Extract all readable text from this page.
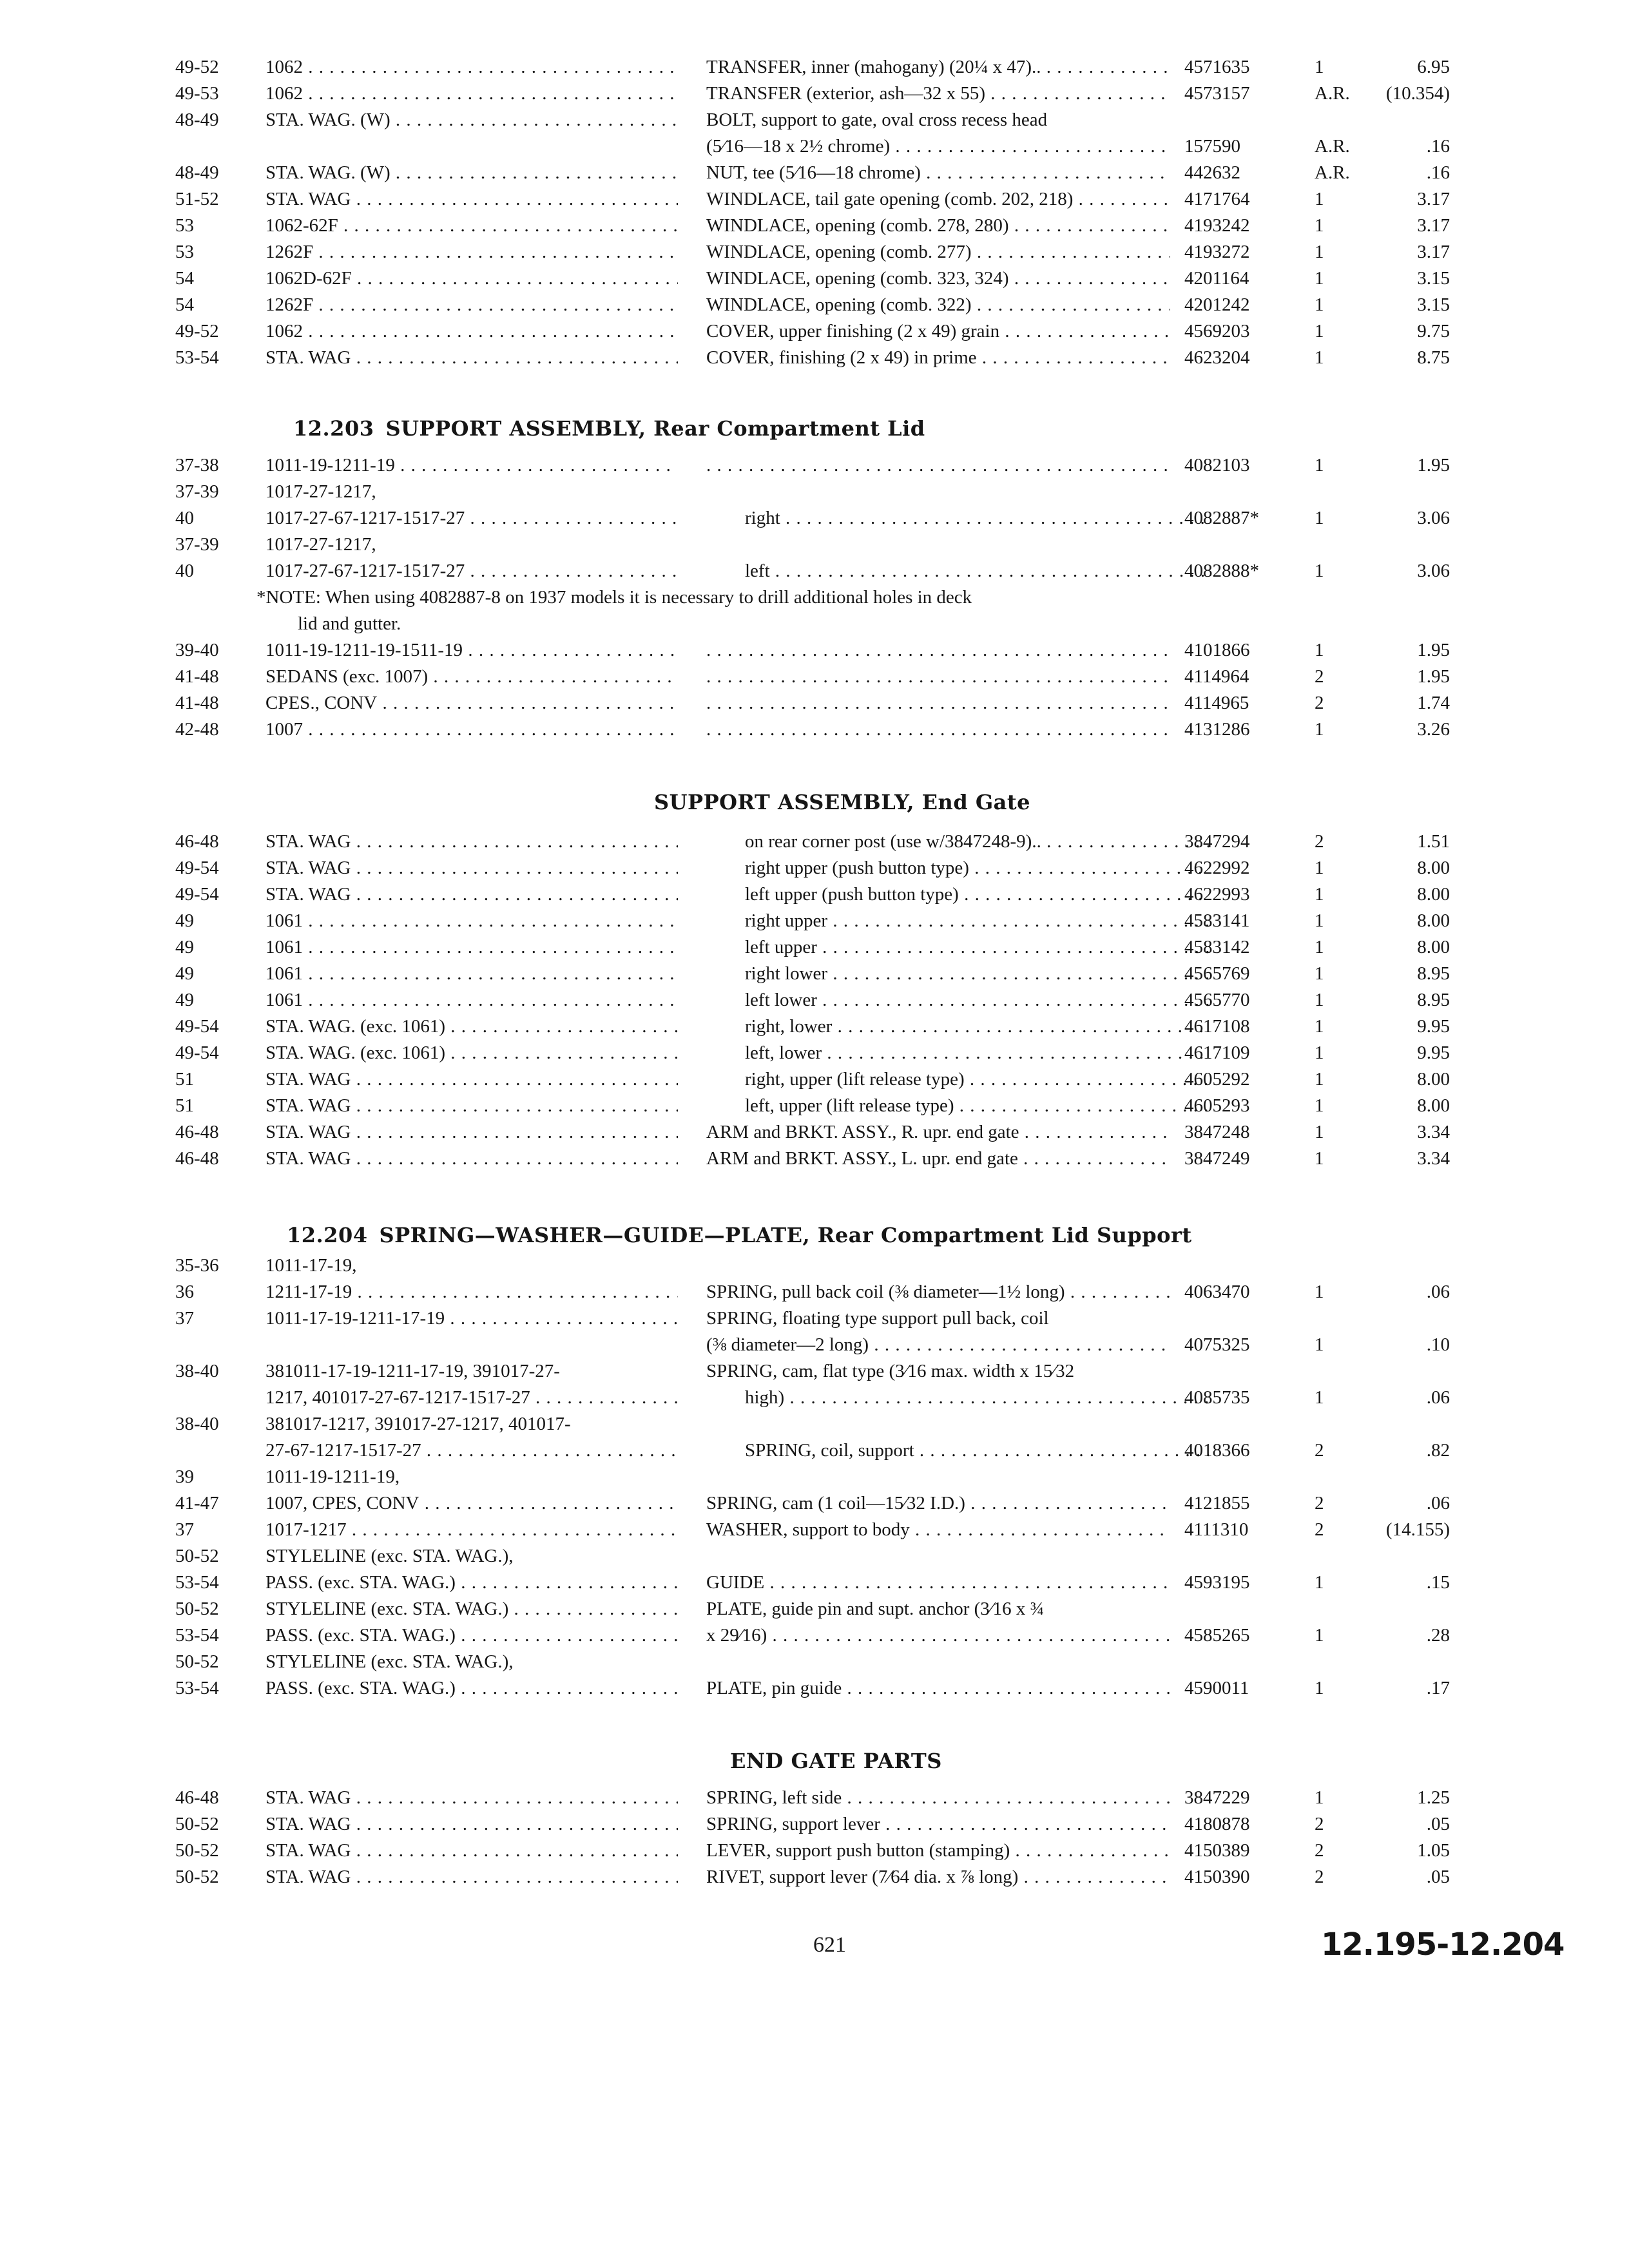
49-52	1062 . . .	TRANSFER, inner (mahogany) (20¼ x 47).. . . .	4571635	1	6.95
49-53	1062 . . .	TRANSFER (exterior, ash—32 x 55) . . .	4573157	A.R.	(10.354)
48-49	STA. WAG. (W) . . .	BOLT, support to gate, oval cross recess head
(5⁄16—18 x 2½ chrome) . . .	157590	A.R.	.16
48-49	STA. WAG. (W) . . .	NUT, tee (5⁄16—18 chrome) . . .	442632	A.R.	.16
51-52	STA. WAG . . .	WINDLACE, tail gate opening (comb. 202, 218) . . .	4171764	1	3.17
53	1062-62F . . .	WINDLACE, opening (comb. 278, 280) . . .	4193242	1	3.17
53	1262F . . .	WINDLACE, opening (comb. 277) . . .	4193272	1	3.17
54	1062D-62F . . .	WINDLACE, opening (comb. 323, 324) . . .	4201164	1	3.15
54	1262F . . .	WINDLACE, opening (comb. 322) . . .	4201242	1	3.15
49-52	1062 . . .	COVER, upper finishing (2 x 49) grain . . .	4569203	1	9.75
53-54	STA. WAG . . .	COVER, finishing (2 x 49) in prime . . .	4623204	1	8.75
12.203 SUPPORT ASSEMBLY, Rear Compartment Lid
37-38	1011-19-1211-19 . . . . . .	4082103	1	1.95
37-39	1017-27-1217,
40	1017-27-67-1217-1517-27 . . .	right . . .	4082887*	1	3.06
37-39	1017-27-1217,
40	1017-27-67-1217-1517-27 . . .	left . . .	4082888*	1	3.06
*NOTE: When using 4082887-8 on 1937 models it is necessary to drill additional holes in deck
lid and gutter.
39-40	1011-19-1211-19-1511-19 . . . . . .	4101866	1	1.95
41-48	SEDANS (exc. 1007) . . . . . .	4114964	2	1.95
41-48	CPES., CONV . . . . . .	4114965	2	1.74
42-48	1007 . . . . . .	4131286	1	3.26
SUPPORT ASSEMBLY, End Gate
46-48	STA. WAG . . .	on rear corner post (use w/3847248-9).. . . .	3847294	2	1.51
49-54	STA. WAG . . .	right upper (push button type) . . .	4622992	1	8.00
49-54	STA. WAG . . .	left upper (push button type) . . .	4622993	1	8.00
49	1061 . . .	right upper . . .	4583141	1	8.00
49	1061 . . .	left upper . . .	4583142	1	8.00
49	1061 . . .	right lower . . .	4565769	1	8.95
49	1061 . . .	left lower . . .	4565770	1	8.95
49-54	STA. WAG. (exc. 1061) . . .	right, lower . . .	4617108	1	9.95
49-54	STA. WAG. (exc. 1061) . . .	left, lower . . .	4617109	1	9.95
51	STA. WAG . . .	right, upper (lift release type) . . .	4605292	1	8.00
51	STA. WAG . . .	left, upper (lift release type) . . .	4605293	1	8.00
46-48	STA. WAG . . .	ARM and BRKT. ASSY., R. upr. end gate . . .	3847248	1	3.34
46-48	STA. WAG . . .	ARM and BRKT. ASSY., L. upr. end gate . . .	3847249	1	3.34
12.204 SPRING—WASHER—GUIDE—PLATE, Rear Compartment Lid Support
35-36	1011-17-19,
36	1211-17-19 . . .	SPRING, pull back coil (⅜ diameter—1½ long) . . .	4063470	1	.06
37	1011-17-19-1211-17-19 . . .	SPRING, floating type support pull back, coil
(⅜ diameter—2 long) . . .	4075325	1	.10
38-40	381011-17-19-1211-17-19, 391017-27-	SPRING, cam, flat type (3⁄16 max. width x 15⁄32
1217, 401017-27-67-1217-1517-27 . . .	high) . . .	4085735	1	.06
38-40	381017-1217, 391017-27-1217, 401017-
27-67-1217-1517-27 . . .	SPRING, coil, support . . .	4018366	2	.82
39	1011-19-1211-19,
41-47	1007, CPES, CONV . . .	SPRING, cam (1 coil—15⁄32 I.D.) . . .	4121855	2	.06
37	1017-1217 . . .	WASHER, support to body . . .	4111310	2	(14.155)
50-52	STYLELINE (exc. STA. WAG.),
53-54	PASS. (exc. STA. WAG.) . . .	GUIDE . . .	4593195	1	.15
50-52	STYLELINE (exc. STA. WAG.) . . .	PLATE, guide pin and supt. anchor (3⁄16 x ¾
53-54	PASS. (exc. STA. WAG.) . . .	x 29⁄16) . . .	4585265	1	.28
50-52	STYLELINE (exc. STA. WAG.),
53-54	PASS. (exc. STA. WAG.) . . .	PLATE, pin guide . . .	4590011	1	.17
END GATE PARTS
46-48	STA. WAG . . .	SPRING, left side . . .	3847229	1	1.25
50-52	STA. WAG . . .	SPRING, support lever . . .	4180878	2	.05
50-52	STA. WAG . . .	LEVER, support push button (stamping) . . .	4150389	2	1.05
50-52	STA. WAG . . .	RIVET, support lever (7⁄64 dia. x ⅞ long) . . .	4150390	2	.05
621	12.195-12.204
